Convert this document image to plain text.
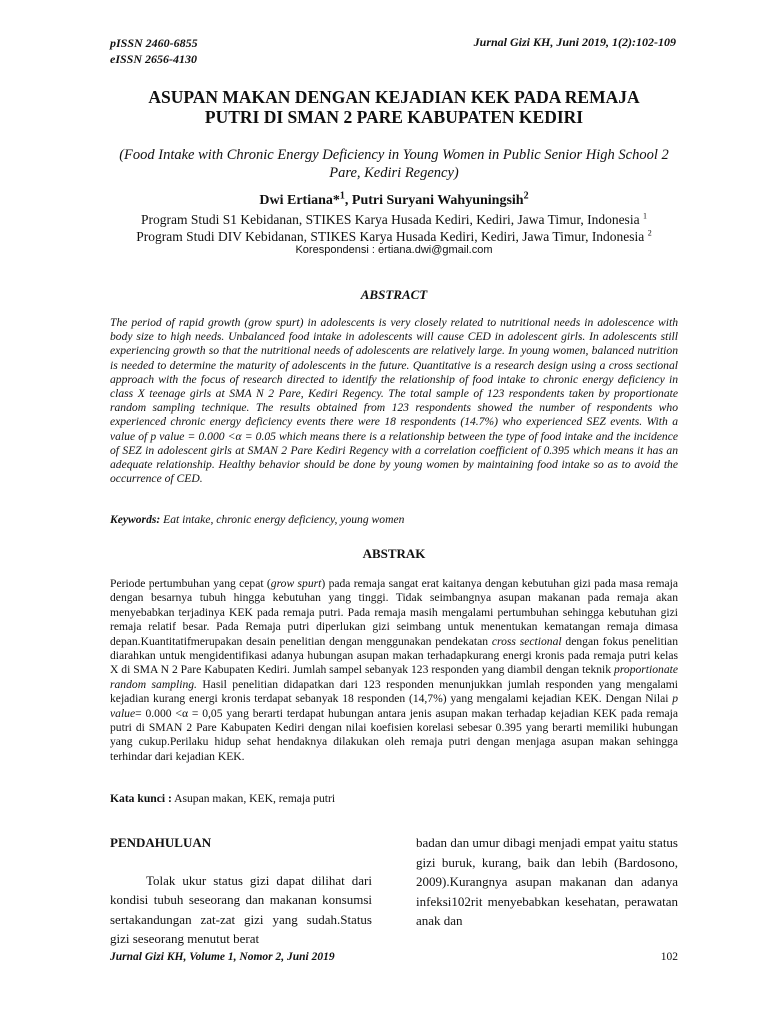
pISSN 2460-6855
eISSN 2656-4130
Jurnal Gizi KH, Juni 2019, 1(2):102-109
ASUPAN MAKAN DENGAN KEJADIAN KEK PADA REMAJA
PUTRI DI SMAN 2 PARE KABUPATEN KEDIRI
(Food Intake with Chronic Energy Deficiency in Young Women in Public Senior High School 2 Pare, Kediri Regency)
Dwi Ertiana*$^1$, Putri Suryani Wahyuningsih$^2$
Program Studi S1 Kebidanan, STIKES Karya Husada Kediri, Kediri, Jawa Timur, Indonesia $^1$
Program Studi DIV Kebidanan, STIKES Karya Husada Kediri, Kediri, Jawa Timur, Indonesia $^2$
Korespondensi : ertiana.dwi@gmail.com
ABSTRACT
The period of rapid growth (grow spurt) in adolescents is very closely related to nutritional needs in adolescence with body size to high needs. Unbalanced food intake in adolescents will cause CED in adolescent girls. In adolescents still experiencing growth so that the nutritional needs of adolescents are relatively large. In young women, balanced nutrition is needed to determine the maturity of adolescents in the future. Quantitative is a research design using a cross sectional approach with the focus of research directed to identify the relationship of food intake to chronic energy deficiency in class X teenage girls at SMA N 2 Pare, Kediri Regency. The total sample of 123 respondents taken by proportionate random sampling technique. The results obtained from 123 respondents showed the number of respondents who experienced chronic energy deficiency events there were 18 respondents (14.7%) who experienced SEZ events. With a value of p value = 0.000 <α = 0.05 which means there is a relationship between the type of food intake and the incidence of SEZ in adolescent girls at SMAN 2 Pare Kediri Regency with a correlation coefficient of 0.395 which means it has an adequate relationship. Healthy behavior should be done by young women by maintaining food intake so as to avoid the occurrence of CED.
Keywords: Eat intake, chronic energy deficiency, young women
ABSTRAK
Periode pertumbuhan yang cepat (grow spurt) pada remaja sangat erat kaitanya dengan kebutuhan gizi pada masa remaja dengan besarnya tubuh hingga kebutuhan yang tinggi. Tidak seimbangnya asupan makanan pada remaja akan menyebabkan terjadinya KEK pada remaja putri. Pada remaja masih mengalami pertumbuhan sehingga kebutuhan gizi remaja relatif besar. Pada Remaja putri diperlukan gizi seimbang untuk menentukan kematangan remaja dimasa depan.Kuantitatifmerupakan desain penelitian dengan menggunakan pendekatan cross sectional dengan fokus penelitian diarahkan untuk mengidentifikasi adanya hubungan asupan makan terhadapkurang energi kronis pada remaja putri kelas X di SMA N 2 Pare Kabupaten Kediri. Jumlah sampel sebanyak 123 responden yang diambil dengan teknik proportionate random sampling. Hasil penelitian didapatkan dari 123 responden menunjukkan jumlah responden yang mengalami kejadian kurang energi kronis terdapat sebanyak 18 responden (14,7%) yang mengalami kejadian KEK. Dengan Nilai p value= 0.000 <α = 0,05 yang berarti terdapat hubungan antara jenis asupan makan terhadap kejadian KEK pada remaja putri di SMAN 2 Pare Kabupaten Kediri dengan nilai koefisien korelasi sebesar 0.395 yang berarti memiliki hubungan yang cukup.Perilaku hidup sehat hendaknya dilakukan oleh remaja putri dengan menjaga asupan makan sehingga terhindar dari kejadian KEK.
Kata kunci : Asupan makan, KEK, remaja putri
PENDAHULUAN

Tolak ukur status gizi dapat dilihat dari kondisi tubuh seseorang dan makanan konsumsi sertakandungan zat-zat gizi yang sudah.Status gizi seseorang menutut berat

badan dan umur dibagi menjadi empat yaitu status gizi buruk, kurang, baik dan lebih (Bardosono, 2009).Kurangnya asupan makanan dan adanya infeksi102rit menyebabkan kesehatan, perawatan anak dan

Jurnal Gizi KH, Volume 1, Nomor 2, Juni 2019	102
